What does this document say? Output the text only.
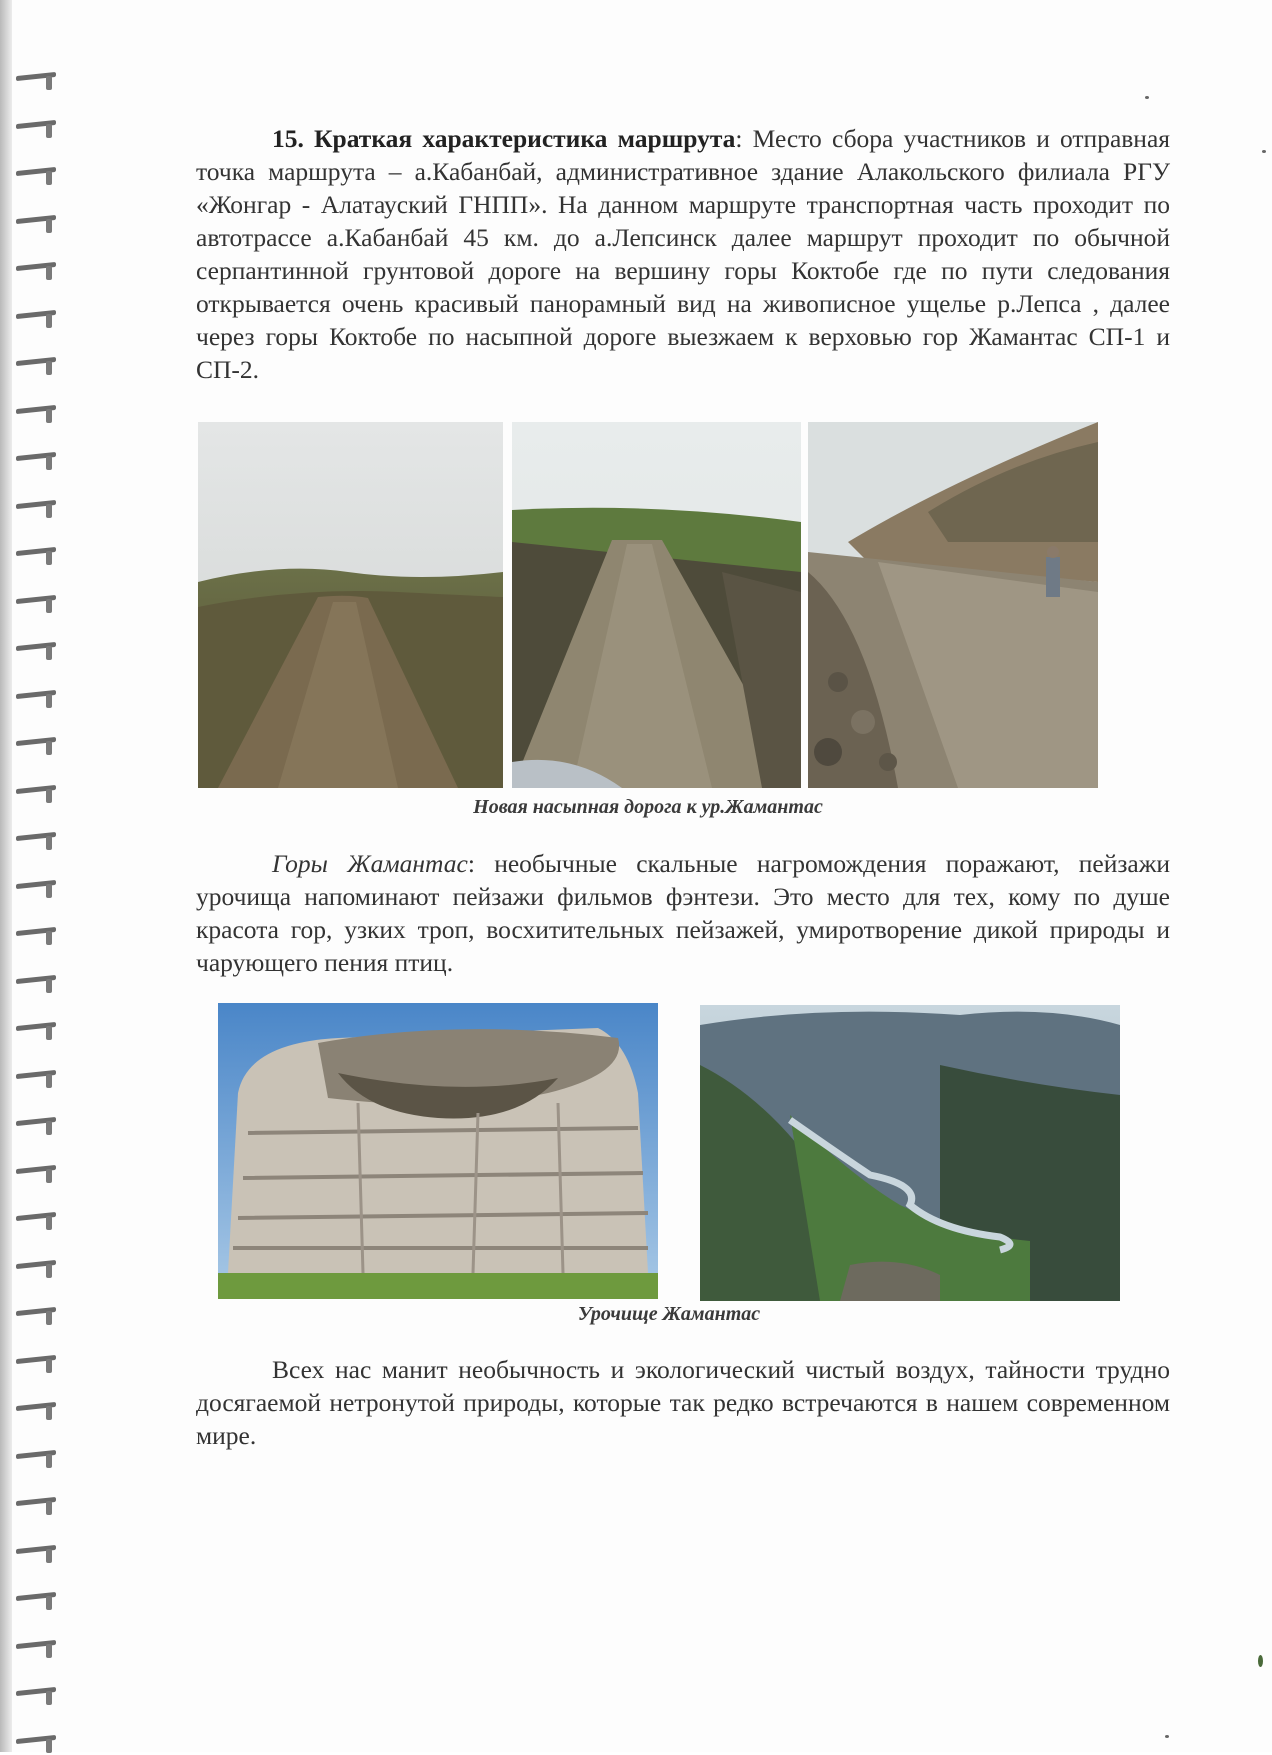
15. Краткая характеристика маршрута: Место сбора участников и отправная точка маршрута – а.Кабанбай, административное здание Алакольского филиала РГУ «Жонгар - Алатауский ГНПП». На данном маршруте транспортная часть проходит по автотрассе а.Кабанбай 45 км. до а.Лепсинск далее маршрут проходит по обычной серпантинной грунтовой дороге на вершину горы Коктобе где по пути следования открывается очень красивый панорамный вид на живописное ущелье р.Лепса , далее через горы Коктобе по насыпной дороге выезжаем к верховью гор Жамантас СП-1 и СП-2.
Новая насыпная дорога к ур.Жамантас
Горы Жамантас: необычные скальные нагромождения поражают, пейзажи урочища напоминают пейзажи фильмов фэнтези. Это место для тех, кому по душе красота гор, узких троп, восхитительных пейзажей, умиротворение дикой природы и чарующего пения птиц.
Урочище Жамантас
Всех нас манит необычность и экологический чистый воздух, тайности трудно досягаемой нетронутой природы, которые так редко встречаются в нашем современном мире.
